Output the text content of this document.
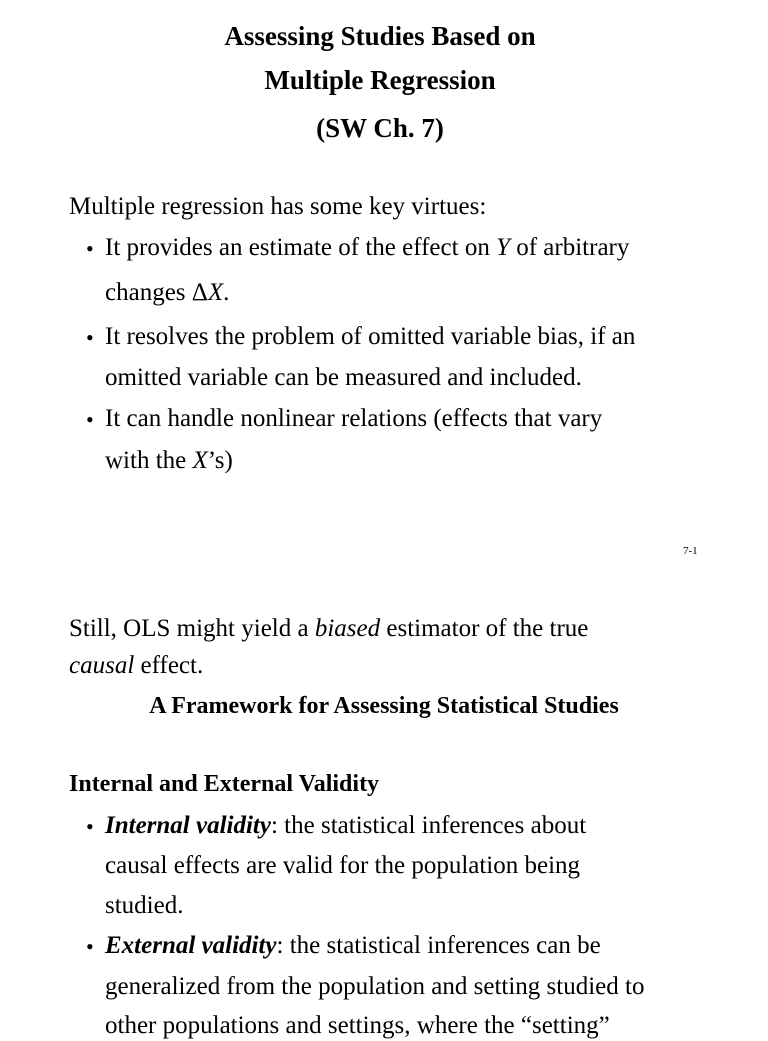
Assessing Studies Based on
Multiple Regression
(SW Ch. 7)
Multiple regression has some key virtues:
• It provides an estimate of the effect on Y of arbitrary
changes ΔX.
• It resolves the problem of omitted variable bias, if an
omitted variable can be measured and included.
• It can handle nonlinear relations (effects that vary
with the X’s)
7-1
Still, OLS might yield a biased estimator of the true
causal effect.
A Framework for Assessing Statistical Studies
Internal and External Validity
• Internal validity: the statistical inferences about
causal effects are valid for the population being
studied.
• External validity: the statistical inferences can be
generalized from the population and setting studied to
other populations and settings, where the “setting”
